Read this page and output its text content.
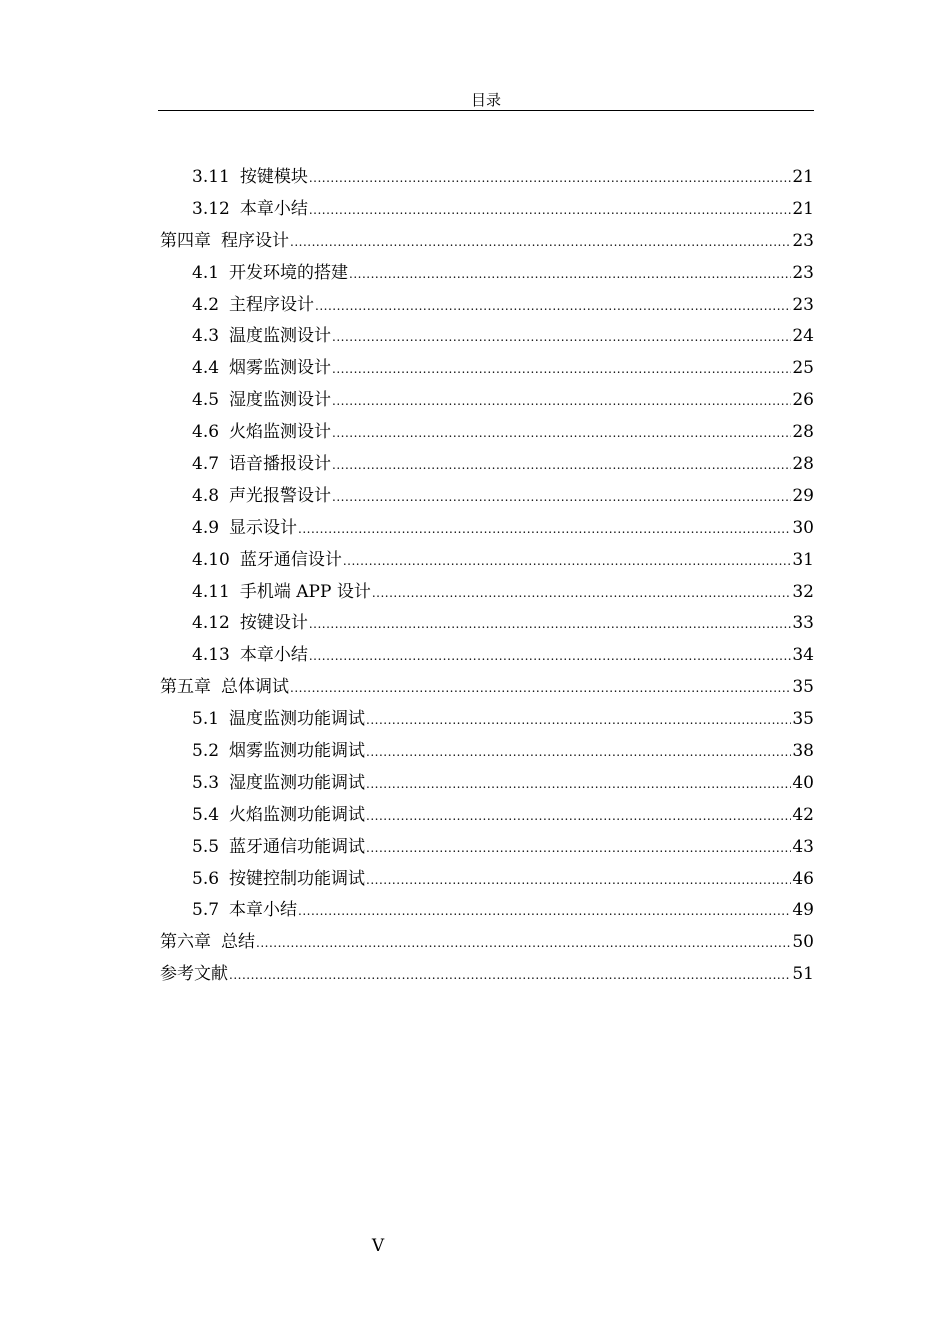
目录
3.11 按键模块 .....	21
3.12 本章小结 .....	21
第四章 程序设计 .....	23
4.1 开发环境的搭建 .....	23
4.2 主程序设计 .....	23
4.3 温度监测设计 .....	24
4.4 烟雾监测设计 .....	25
4.5 湿度监测设计 .....	26
4.6 火焰监测设计 .....	28
4.7 语音播报设计 .....	28
4.8 声光报警设计 .....	29
4.9 显示设计 .....	30
4.10 蓝牙通信设计 .....	31
4.11 手机端 APP 设计 .....	32
4.12 按键设计 .....	33
4.13 本章小结 .....	34
第五章 总体调试 .....	35
5.1 温度监测功能调试 .....	35
5.2 烟雾监测功能调试 .....	38
5.3 湿度监测功能调试 .....	40
5.4 火焰监测功能调试 .....	42
5.5 蓝牙通信功能调试 .....	43
5.6 按键控制功能调试 .....	46
5.7 本章小结 .....	49
第六章 总结 .....	50
参考文献 .....	51
V
